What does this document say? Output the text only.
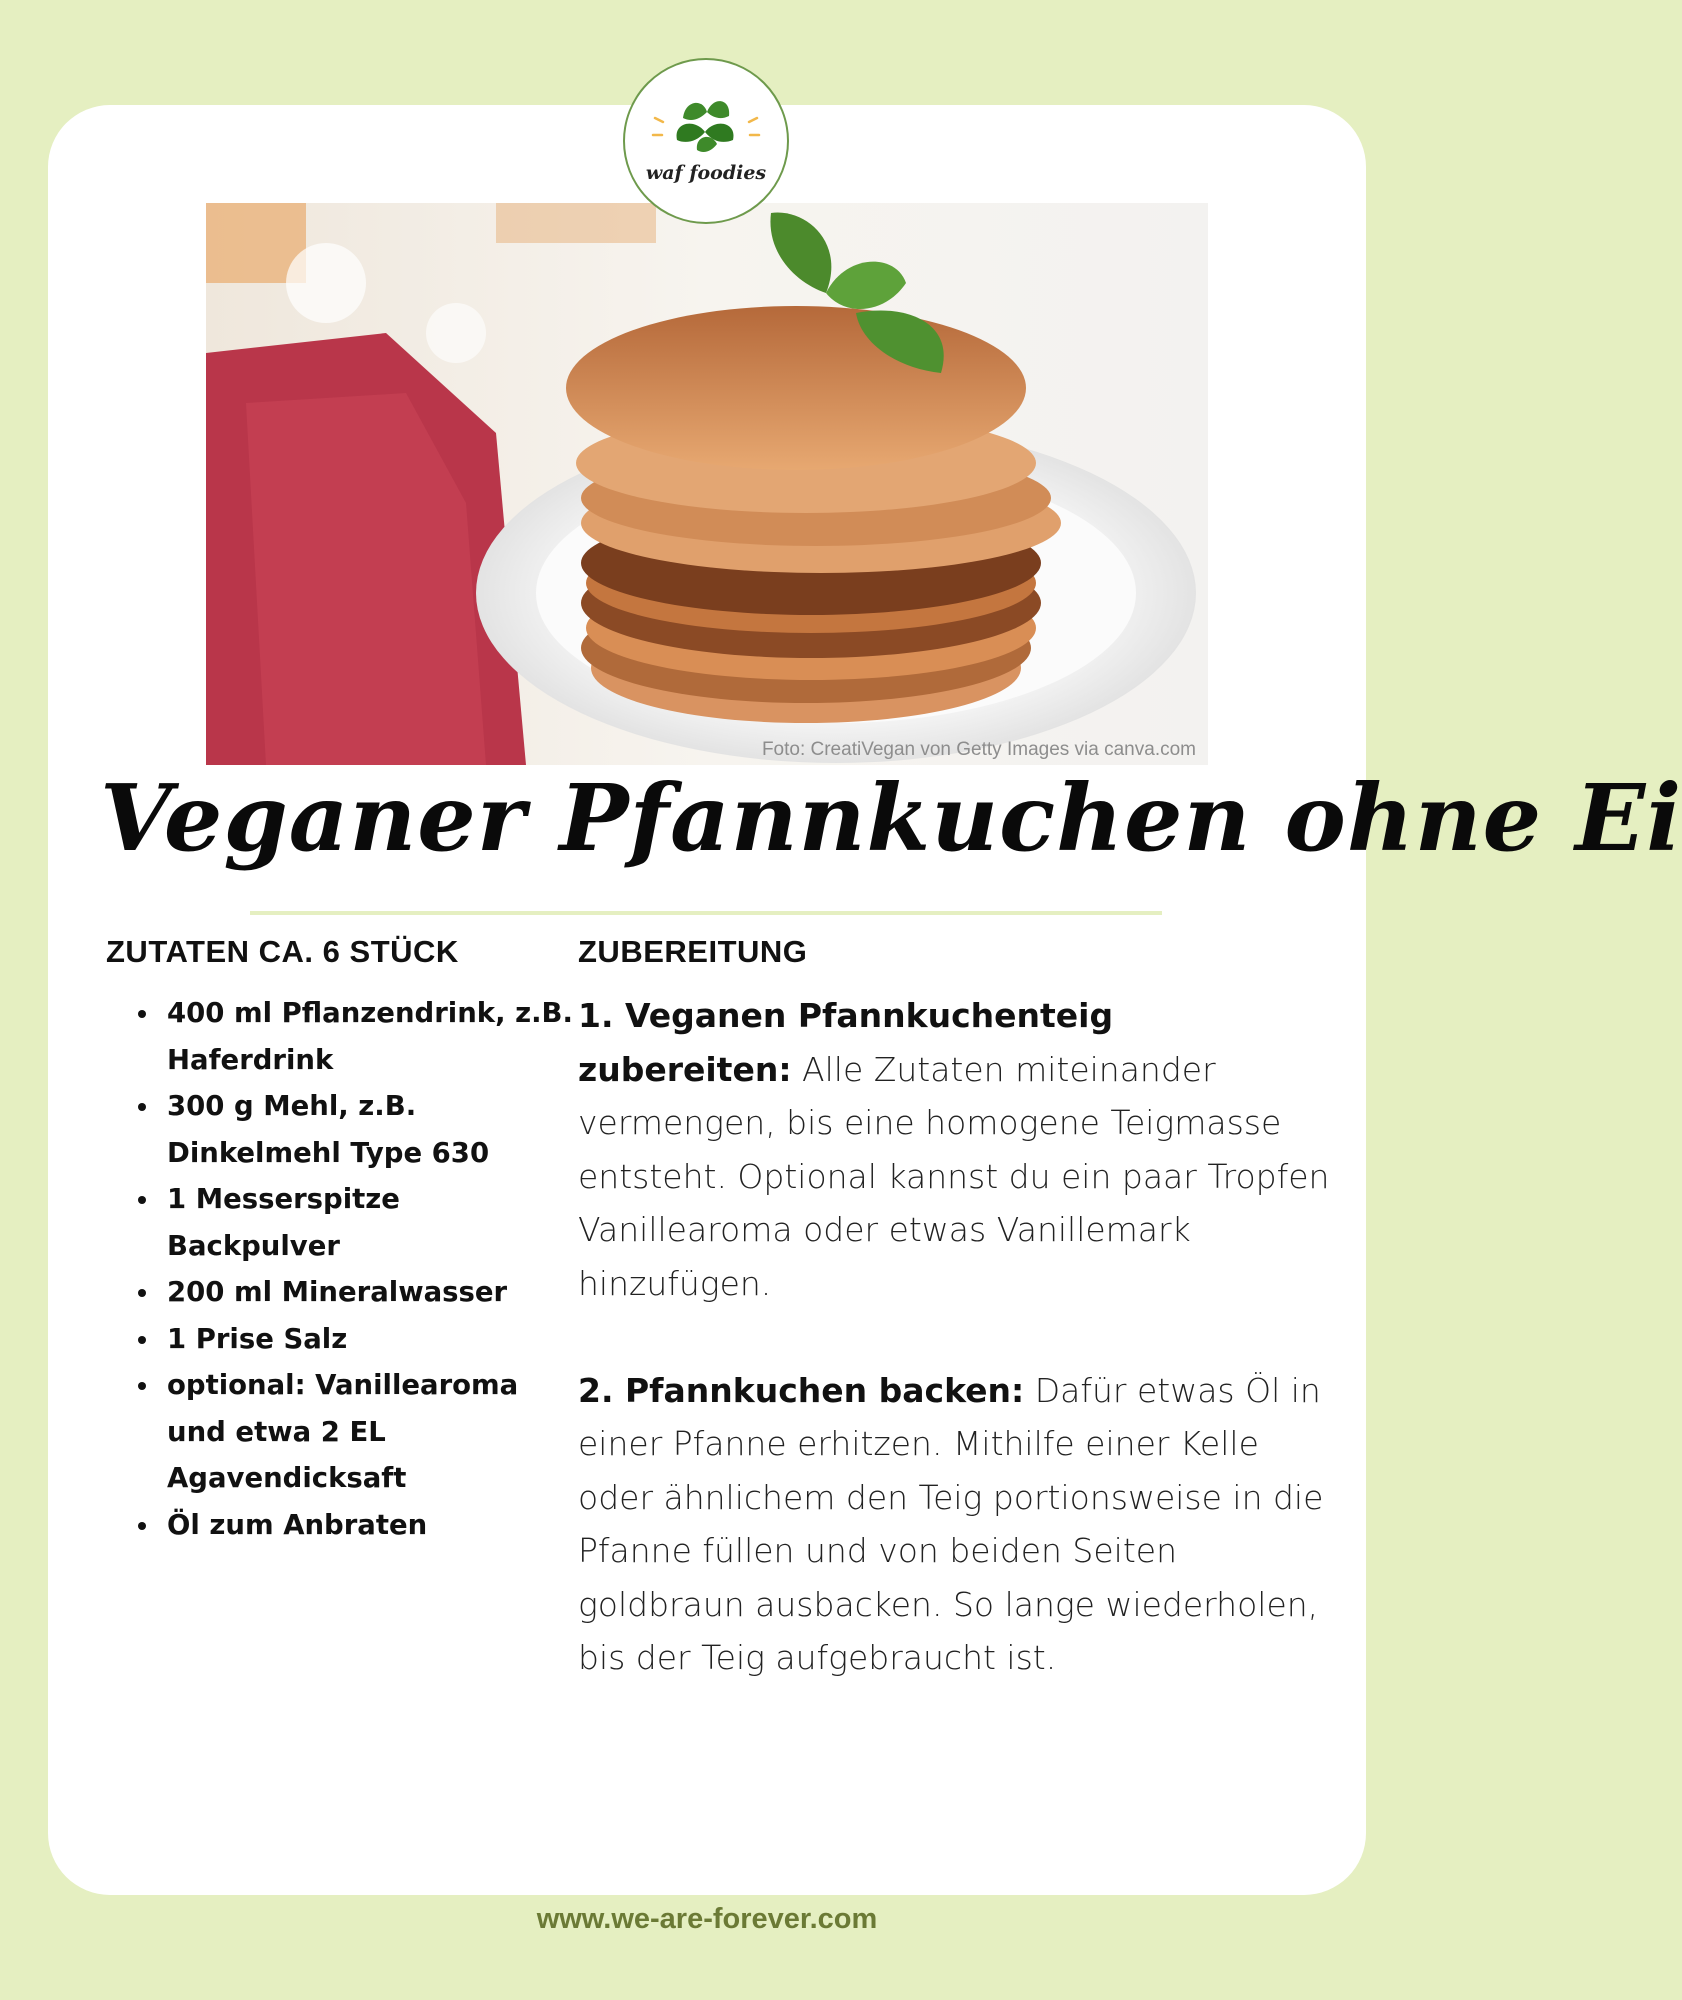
Foto: CreatiVegan von Getty Images via canva.com
waf foodies
Veganer Pfannkuchen ohne Ei
ZUTATEN CA. 6 STÜCK
• 400 ml Pflanzendrink, z.B. Haferdrink
• 300 g Mehl, z.B. Dinkelmehl Type 630
• 1 Messerspitze Backpulver
• 200 ml Mineralwasser
• 1 Prise Salz
• optional: Vanillearoma und etwa 2 EL Agavendicksaft
• Öl zum Anbraten
ZUBEREITUNG

1. Veganen Pfannkuchenteig zubereiten: Alle Zutaten miteinander vermengen, bis eine homogene Teigmasse entsteht. Optional kannst du ein paar Tropfen Vanillearoma oder etwas Vanillemark hinzufügen.

2. Pfannkuchen backen: Dafür etwas Öl in einer Pfanne erhitzen. Mithilfe einer Kelle oder ähnlichem den Teig portionsweise in die Pfanne füllen und von beiden Seiten goldbraun ausbacken. So lange wiederholen, bis der Teig aufgebraucht ist.

www.we-are-forever.com
